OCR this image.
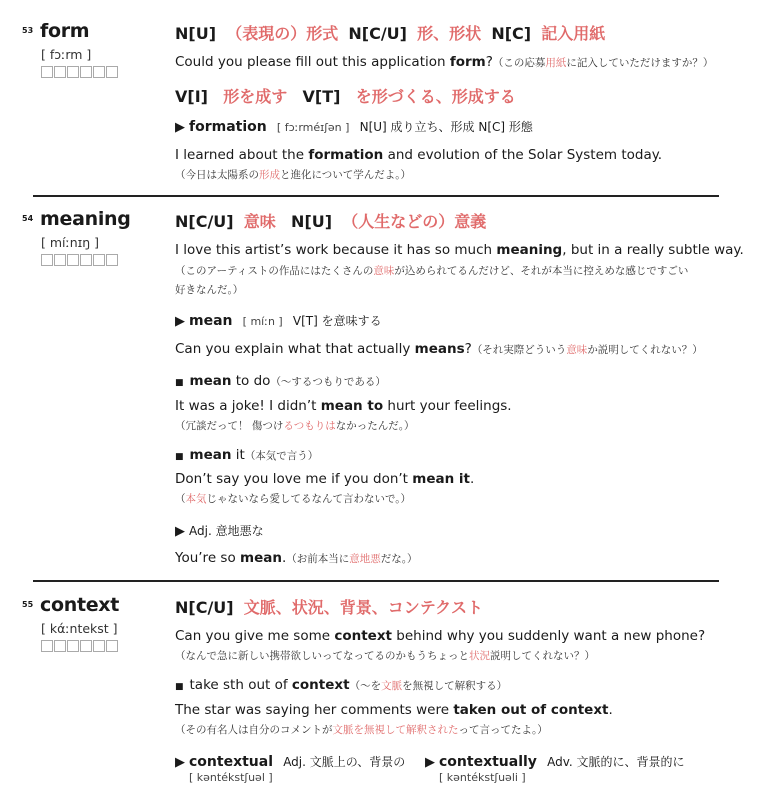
53 form
[ fɔːrm ]
N[U] （表現の）形式 N[C/U] 形、形状 N[C] 記入用紙
Could you please fill out this application form?（この応募用紙に記入していただけますか？）
V[I] 形を成す V[T] を形づくる、形成する
▶ formation [ fɔːrméɪʃən ] N[U] 成り立ち、形成 N[C] 形態
I learned about the formation and evolution of the Solar System today.
（今日は太陽系の形成と進化について学んだよ。）
54 meaning
[ míːnɪŋ ]
N[C/U] 意味 N[U] （人生などの）意義
I love this artist’s work because it has so much meaning, but in a really subtle way.
（このアーティストの作品にはたくさんの意味が込められてるんだけど、それが本当に控えめな感じですごい
好きなんだ。）
▶ mean [ míːn ] V[T] を意味する
Can you explain what that actually means?（それ実際どういう意味か説明してくれない？）
■ mean to do（～するつもりである）
It was a joke! I didn’t mean to hurt your feelings.
（冗談だって！ 傷つけるつもりはなかったんだ。）
■ mean it（本気で言う）
Don’t say you love me if you don’t mean it.
（本気じゃないなら愛してるなんて言わないで。）
▶ Adj. 意地悪な
You’re so mean.（お前本当に意地悪だな。）
55 context
[ kάːntekst ]
N[C/U] 文脈、状況、背景、コンテクスト
Can you give me some context behind why you suddenly want a new phone?
（なんで急に新しい携帯欲しいってなってるのかもうちょっと状況説明してくれない？）
■ take sth out of context（～を文脈を無視して解釈する）
The star was saying her comments were taken out of context.
（その有名人は自分のコメントが文脈を無視して解釈されたって言ってたよ。）
▶ contextual Adj. 文脈上の、背景の
[ kəntékstʃuəl ]
▶ contextually Adv. 文脈的に、背景的に
[ kəntékstʃuəli ]
